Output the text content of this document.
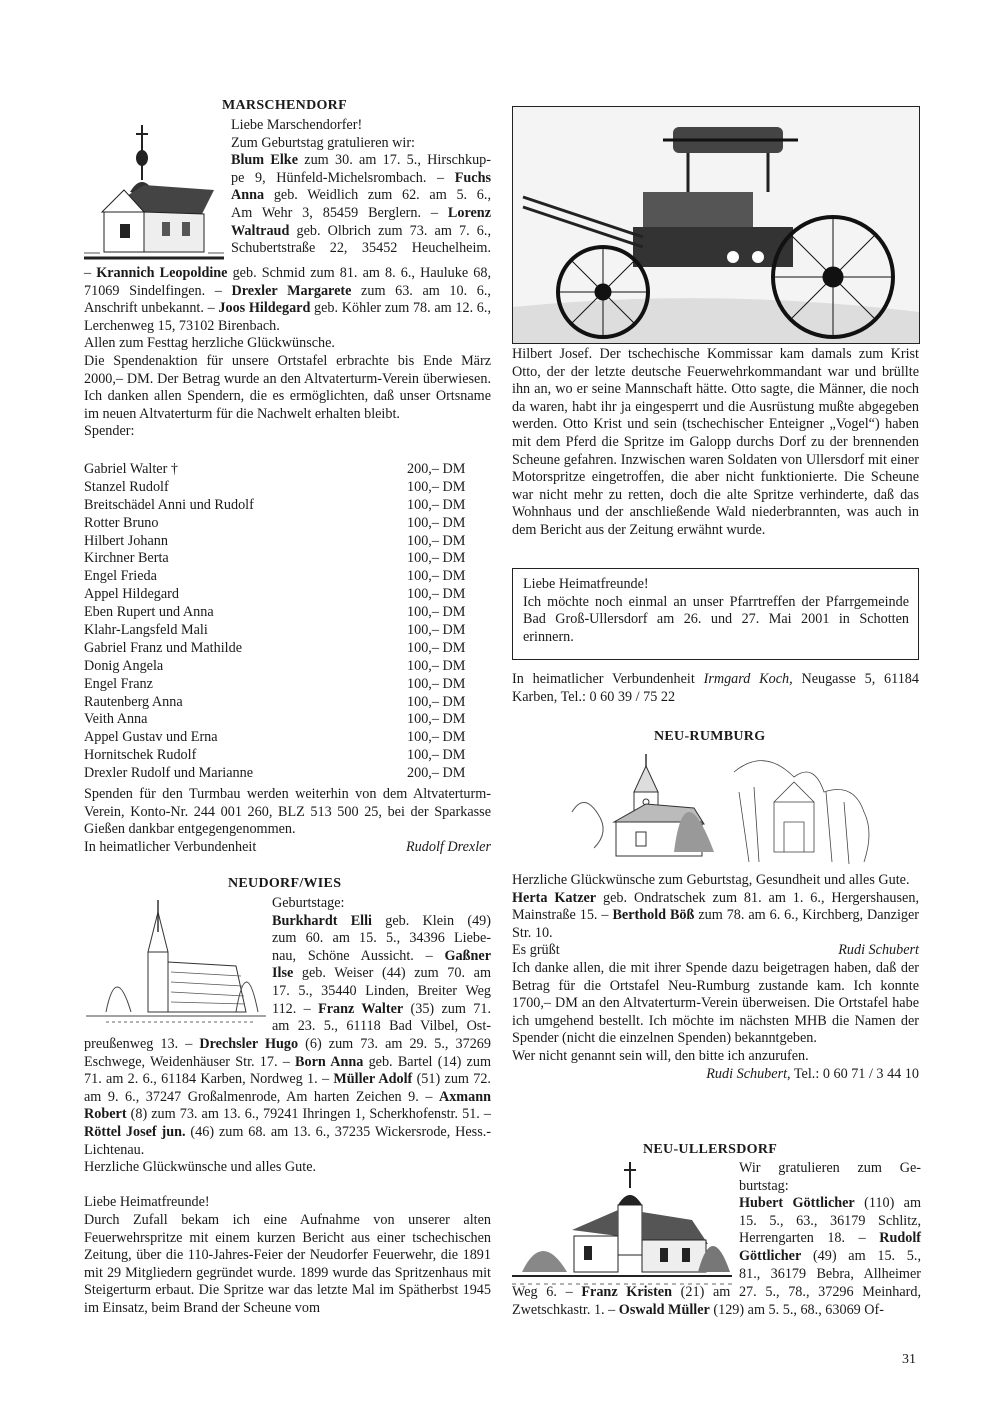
MARSCHENDORF

Liebe Marschendorfer!
Zum Geburtstag gratulieren wir:
Blum Elke zum 30. am 17. 5., Hirschkup-
pe 9, Hünfeld-Michelsrombach. – Fuchs
Anna geb. Weidlich zum 62. am 5. 6.,
Am Wehr 3, 85459 Berglern. – Lorenz
Waltraud geb. Olbrich zum 73. am 7. 6.,
Schubertstraße 22, 35452 Heuchelheim.
– Krannich Leopoldine geb. Schmid zum 81. am 8. 6., Hauluke 68, 71069 Sindelfingen. – Drexler Margarete zum 63. am 10. 6., Anschrift unbekannt. – Joos Hildegard geb. Köhler zum 78. am 12. 6., Lerchenweg 15, 73102 Birenbach.
Allen zum Festtag herzliche Glückwünsche.
Die Spendenaktion für unsere Ortstafel erbrachte bis Ende März 2000,– DM. Der Betrag wurde an den Altvaterturm-Verein überwiesen. Ich danken allen Spendern, die es ermöglichten, daß unser Ortsname im neuen Altvaterturm für die Nachwelt erhalten bleibt.
Spender:
Gabriel Walter †	200,– DM
Stanzel Rudolf	100,– DM
Breitschädel Anni und Rudolf	100,– DM
Rotter Bruno	100,– DM
Hilbert Johann	100,– DM
Kirchner Berta	100,– DM
Engel Frieda	100,– DM
Appel Hildegard	100,– DM
Eben Rupert und Anna	100,– DM
Klahr-Langsfeld Mali	100,– DM
Gabriel Franz und Mathilde	100,– DM
Donig Angela	100,– DM
Engel Franz	100,– DM
Rautenberg Anna	100,– DM
Veith Anna	100,– DM
Appel Gustav und Erna	100,– DM
Hornitschek Rudolf	100,– DM
Drexler Rudolf und Marianne	200,– DM
Spenden für den Turmbau werden weiterhin von dem Altvaterturm-Verein, Konto-Nr. 244 001 260, BLZ 513 500 25, bei der Sparkasse Gießen dankbar entgegengenommen.
In heimatlicher Verbundenheit	Rudolf Drexler

NEUDORF/WIES

Geburtstage:
Burkhardt Elli geb. Klein (49)
zum 60. am 15. 5., 34396 Liebe-
nau, Schöne Aussicht. – Gaßner
Ilse geb. Weiser (44) zum 70. am
17. 5., 35440 Linden, Breiter Weg
112. – Franz Walter (35) zum 71.
am 23. 5., 61118 Bad Vilbel, Ost-
preußenweg 13. – Drechsler Hugo (6) zum 73. am 29. 5., 37269 Eschwege, Weidenhäuser Str. 17. – Born Anna geb. Bartel (14) zum 71. am 2. 6., 61184 Karben, Nordweg 1. – Müller Adolf (51) zum 72. am 9. 6., 37247 Großalmenrode, Am harten Zeichen 9. – Axmann Robert (8) zum 73. am 13. 6., 79241 Ihringen 1, Scherkhofenstr. 51. – Röttel Josef jun. (46) zum 68. am 13. 6., 37235 Wickersrode, Hess.-Lichtenau.
Herzliche Glückwünsche und alles Gute.
Liebe Heimatfreunde!
Durch Zufall bekam ich eine Aufnahme von unserer alten Feuerwehrspritze mit einem kurzen Bericht aus einer tschechischen Zeitung, über die 110-Jahres-Feier der Neudorfer Feuerwehr, die 1891 mit 29 Mitgliedern gegründet wurde. 1899 wurde das Spritzenhaus mit Steigerturm erbaut. Die Spritze war das letzte Mal im Spätherbst 1945 im Einsatz, beim Brand der Scheune vom
Hilbert Josef. Der tschechische Kommissar kam damals zum Krist Otto, der der letzte deutsche Feuerwehrkommandant war und brüllte ihn an, wo er seine Mannschaft hätte. Otto sagte, die Männer, die noch da waren, habt ihr ja eingesperrt und die Ausrüstung mußte abgegeben werden. Otto Krist und sein (tschechischer Enteigner „Vogel“) haben mit dem Pferd die Spritze im Galopp durchs Dorf zu der brennenden Scheune gefahren. Inzwischen waren Soldaten von Ullersdorf mit einer Motorspritze eingetroffen, die aber nicht funktionierte. Die Scheune war nicht mehr zu retten, doch die alte Spritze verhinderte, daß das Wohnhaus und der anschließende Wald niederbrannten, was auch in dem Bericht aus der Zeitung erwähnt wurde.
Liebe Heimatfreunde!
Ich möchte noch einmal an unser Pfarrtreffen der Pfarrgemeinde Bad Groß-Ullersdorf am 26. und 27. Mai 2001 in Schotten erinnern.
In heimatlicher Verbundenheit Irmgard Koch, Neugasse 5, 61184 Karben, Tel.: 0 60 39 / 75 22

NEU-RUMBURG

Herzliche Glückwünsche zum Geburtstag, Gesundheit und alles Gute.
Herta Katzer geb. Ondratschek zum 81. am 1. 6., Hergershausen, Mainstraße 15. – Berthold Böß zum 78. am 6. 6., Kirchberg, Danziger Str. 10.
Es grüßt	Rudi Schubert
Ich danke allen, die mit ihrer Spende dazu beigetragen haben, daß der Betrag für die Ortstafel Neu-Rumburg zustande kam. Ich konnte 1700,– DM an den Altvaterturm-Verein überweisen. Die Ortstafel habe ich umgehend bestellt. Ich möchte im nächsten MHB die Namen der Spender (nicht die einzelnen Spenden) bekanntgeben.
Wer nicht genannt sein will, den bitte ich anzurufen.
Rudi Schubert, Tel.: 0 60 71 / 3 44 10

NEU-ULLERSDORF

Wir gratulieren zum Ge-
burtstag:
Hubert Göttlicher (110) am
15. 5., 63., 36179 Schlitz,
Herrengarten 18. – Rudolf
Göttlicher (49) am 15. 5.,
81., 36179 Bebra, Allheimer
Weg 6. – Franz Kristen (21) am 27. 5., 78., 37296 Meinhard, Zwetschkastr. 1. – Oswald Müller (129) am 5. 5., 68., 63069 Of-
31
